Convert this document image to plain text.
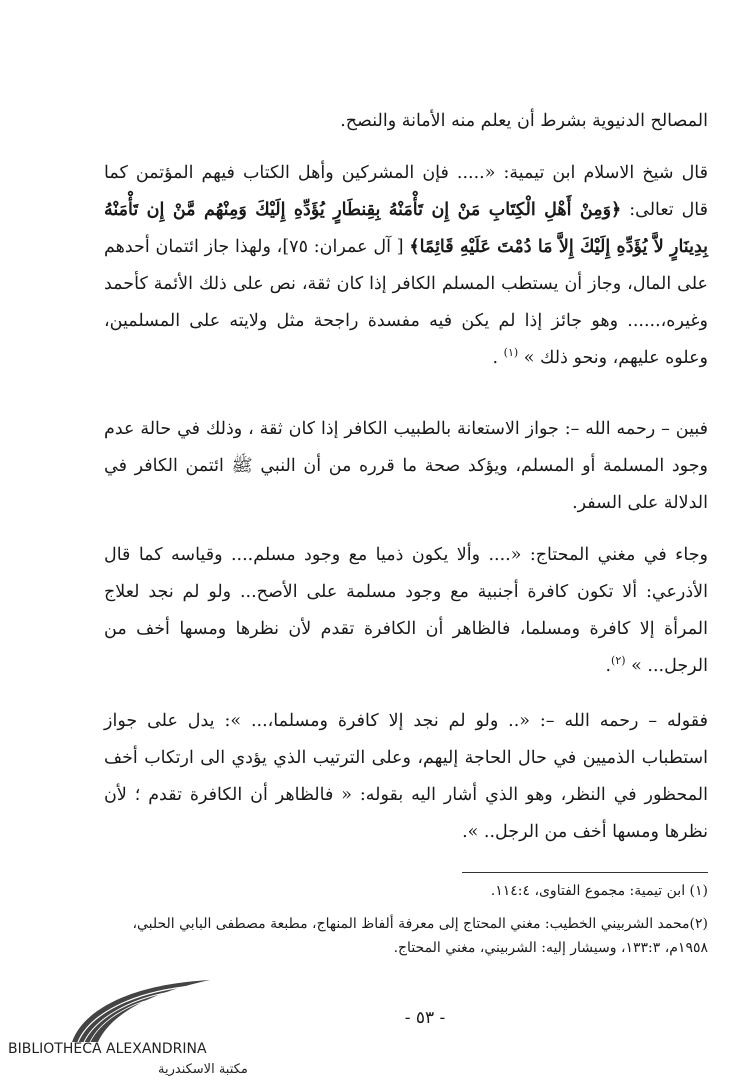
المصالح الدنيوية بشرط أن يعلم منه الأمانة والنصح.

قال شيخ الاسلام ابن تيمية: «..... فإن المشركين وأهل الكتاب فيهم المؤتمن كما قال تعالى: ﴿وَمِنْ أَهْلِ الْكِتَابِ مَنْ إِن تَأْمَنْهُ بِقِنطَارٍ يُؤَدِّهِ إِلَيْكَ وَمِنْهُم مَّنْ إِن تَأْمَنْهُ بِدِينَارٍ لاَّ يُؤَدِّهِ إِلَيْكَ إِلاَّ مَا دُمْتَ عَلَيْهِ قَائِمًا﴾ [ آل عمران: ٧٥]، ولهذا جاز ائتمان أحدهم على المال، وجاز أن يستطب المسلم الكافر إذا كان ثقة، نص على ذلك الأئمة كأحمد وغيره،...... وهو جائز إذا لم يكن فيه مفسدة راجحة مثل ولايته على المسلمين، وعلوه عليهم، ونحو ذلك » $^{(١)}$ .

فبين – رحمه الله –: جواز الاستعانة بالطبيب الكافر إذا كان ثقة ، وذلك في حالة عدم وجود المسلمة أو المسلم، ويؤكد صحة ما قرره من أن النبي ﷺ ائتمن الكافر في الدلالة على السفر.

وجاء في مغني المحتاج: «.... وألا يكون ذميا مع وجود مسلم.... وقياسه كما قال الأذرعي: ألا تكون كافرة أجنبية مع وجود مسلمة على الأصح... ولو لم نجد لعلاج المرأة إلا كافرة ومسلما، فالظاهر أن الكافرة تقدم لأن نظرها ومسها أخف من الرجل... » $^{(٢)}$.

فقوله – رحمه الله –: «.. ولو لم نجد إلا كافرة ومسلما،... »: يدل على جواز استطباب الذميين في حال الحاجة إليهم، وعلى الترتيب الذي يؤدي الى ارتكاب أخف المحظور في النظر، وهو الذي أشار اليه بقوله: « فالظاهر أن الكافرة تقدم ؛ لأن نظرها ومسها أخف من الرجل.. ».

(١) ابن تيمية: مجموع الفتاوى، ١١٤:٤.

(٢)محمد الشربيني الخطيب: مغني المحتاج إلى معرفة ألفاظ المنهاج، مطبعة مصطفى البابي الحلبي، ١٩٥٨م، ١٣٣:٣، وسيشار إليه: الشربيني، مغني المحتاج.

- ٥٣ -
BIBLIOTHECA ALEXANDRINA
مكتبة الاسكندرية
